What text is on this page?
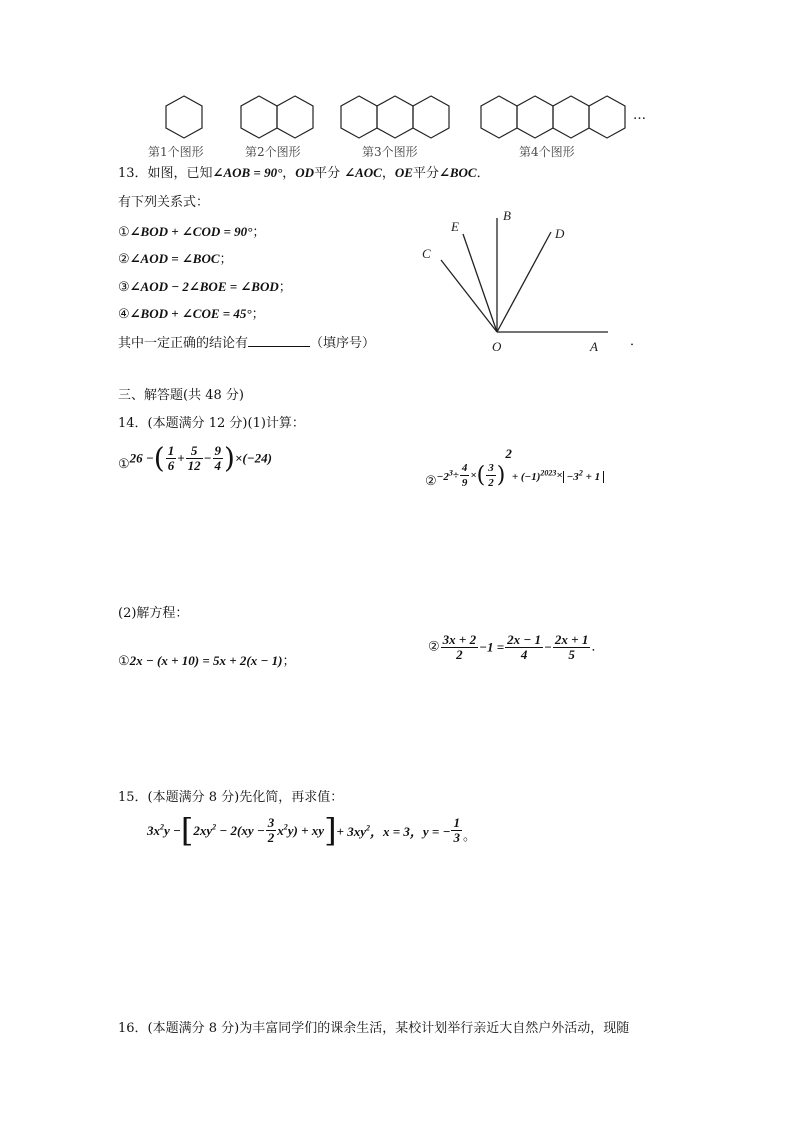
…
第1个图形	第2个图形	第3个图形	第4个图形
13．如图，已知∠AOB = 90°，OD平分 ∠AOC，OE平分∠BOC．
有下列关系式：
①∠BOD + ∠COD = 90°；
②∠AOD = ∠BOC；
③∠AOD − 2∠BOE = ∠BOD；
④∠BOD + ∠COE = 45°；
其中一定正确的结论有	（填序号）	．
E
B
D
C
O	A
三、解答题(共 48 分)
14．(本题满分 12 分)(1)计算：
①26 −( $\frac{1}{6} + \frac{5}{12} - \frac{9}{4} )\times(-24)$
$②-2^3\div \frac{4}{9}$ ×( $\frac{3}{2} )^2+ (-1)^{2023}\times -3^2 + 1$
(2)解方程：
①2x − (x + 10) = 5x + 2(x − 1)；
② $\frac{3x + 2}{2} -1 = \frac{2x - 1}{4} - \frac{2x + 1}{5}$ ．
15．(本题满分 8 分)先化简，再求值：
$3x^2y -[2xy^2 - 2(xy - \frac{3}{2} x^2y) + xy]+ 3xy^2$，x = 3，y = − $\frac{1}{3}$ 。
16．(本题满分 8 分)为丰富同学们的课余生活，某校计划举行亲近大自然户外活动，现随
